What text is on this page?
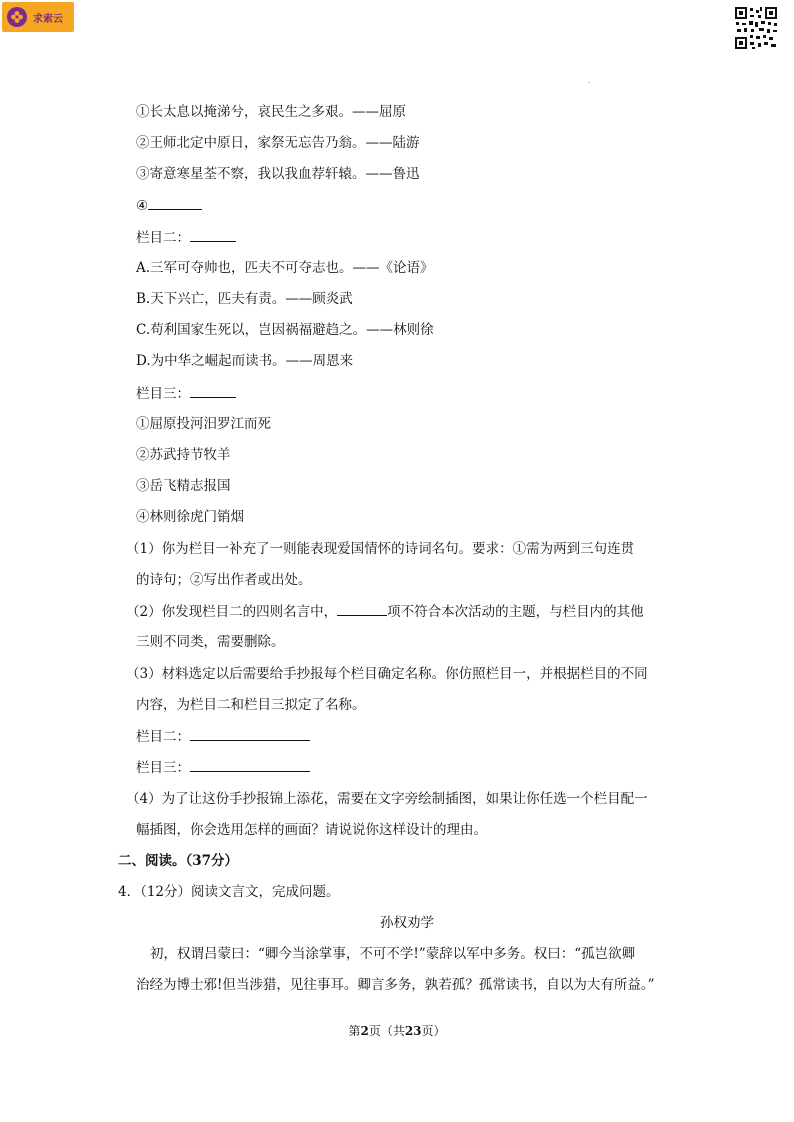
求索云
.
①长太息以掩涕兮，哀民生之多艰。——屈原
②王师北定中原日，家祭无忘告乃翁。——陆游
③寄意寒星荃不察，我以我血荐轩辕。——鲁迅
④
栏目二：
A.三军可夺帅也，匹夫不可夺志也。——《论语》
B.天下兴亡，匹夫有责。——顾炎武
C.苟利国家生死以，岂因祸福避趋之。——林则徐
D.为中华之崛起而读书。——周恩来
栏目三：
①屈原投河汨罗江而死
②苏武持节牧羊
③岳飞精志报国
④林则徐虎门销烟
（1）你为栏目一补充了一则能表现爱国情怀的诗词名句。要求：①需为两到三句连贯
的诗句；②写出作者或出处。
（2）你发现栏目二的四则名言中，	项不符合本次活动的主题，与栏目内的其他
三则不同类，需要删除。
（3）材料选定以后需要给手抄报每个栏目确定名称。你仿照栏目一，并根据栏目的不同
内容，为栏目二和栏目三拟定了名称。
栏目二：
栏目三：
（4）为了让这份手抄报锦上添花，需要在文字旁绘制插图，如果让你任选一个栏目配一
幅插图，你会选用怎样的画面？请说说你这样设计的理由。
二、阅读。（37分）
4．（12分）阅读文言文，完成问题。
孙权劝学
初，权谓吕蒙曰：“卿今当涂掌事，不可不学!”蒙辞以军中多务。权曰：“孤岂欲卿
治经为博士邪!但当涉猎，见往事耳。卿言多务，孰若孤？孤常读书，自以为大有所益。”
第2页（共23页）
